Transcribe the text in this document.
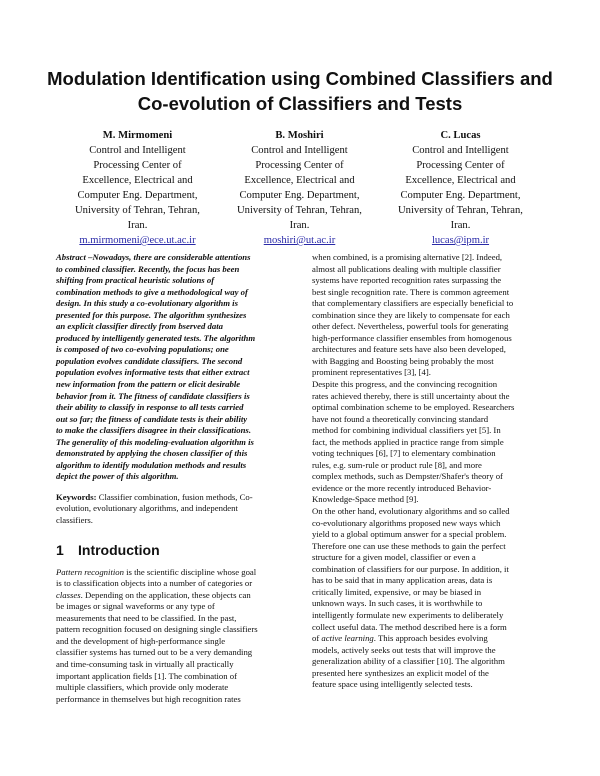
Modulation Identification using Combined Classifiers and
Co-evolution of Classifiers and Tests
M. Mirmomeni
Control and Intelligent
Processing Center of
Excellence, Electrical and
Computer Eng. Department,
University of Tehran, Tehran,
Iran.
m.mirmomeni@ece.ut.ac.ir
B. Moshiri
Control and Intelligent
Processing Center of
Excellence, Electrical and
Computer Eng. Department,
University of Tehran, Tehran,
Iran.
moshiri@ut.ac.ir
C. Lucas
Control and Intelligent
Processing Center of
Excellence, Electrical and
Computer Eng. Department,
University of Tehran, Tehran,
Iran.
lucas@ipm.ir
Abstract –Nowadays, there are considerable attentions
to combined classifier. Recently, the focus has been
shifting from practical heuristic solutions of
combination methods to give a methodological way of
design. In this study a co-evolutionary algorithm is
presented for this purpose. The algorithm synthesizes
an explicit classifier directly from bserved data
produced by intelligently generated tests. The algorithm
is composed of two co-evolving populations; one
population evolves candidate classifiers. The second
population evolves informative tests that either extract
new information from the pattern or elicit desirable
behavior from it. The fitness of candidate classifiers is
their ability to classify in response to all tests carried
out so far; the fitness of candidate tests is their ability
to make the classifiers disagree in their classifications.
The generality of this modeling-evaluation algorithm is
demonstrated by applying the chosen classifier of this
algorithm to identify modulation methods and results
depict the power of this algorithm.
Keywords: Classifier combination, fusion methods, Co-
evolution, evolutionary algorithms, and independent
classifiers.
1 Introduction
Pattern recognition is the scientific discipline whose goal
is to classification objects into a number of categories or
classes. Depending on the application, these objects can
be images or signal waveforms or any type of
measurements that need to be classified. In the past,
pattern recognition focused on designing single classifiers
and the development of high-performance single
classifier systems has turned out to be a very demanding
and time-consuming task in virtually all practically
important application fields [1]. The combination of
multiple classifiers, which provide only moderate
performance in themselves but high recognition rates
when combined, is a promising alternative [2]. Indeed,
almost all publications dealing with multiple classifier
systems have reported recognition rates surpassing the
best single recognition rate. There is common agreement
that complementary classifiers are especially beneficial to
combination since they are likely to compensate for each
other defect. Nevertheless, powerful tools for generating
high-performance classifier ensembles from homogenous
architectures and feature sets have also been developed,
with Bagging and Boosting being probably the most
prominent representatives [3], [4].
Despite this progress, and the convincing recognition
rates achieved thereby, there is still uncertainty about the
optimal combination scheme to be employed. Researchers
have not found a theoretically convincing standard
method for combining individual classifiers yet [5]. In
fact, the methods applied in practice range from simple
voting techniques [6], [7] to elementary combination
rules, e.g. sum-rule or product rule [8], and more
complex methods, such as Dempster/Shafer's theory of
evidence or the more recently introduced Behavior-
Knowledge-Space method [9].
On the other hand, evolutionary algorithms and so called
co-evolutionary algorithms proposed new ways which
yield to a global optimum answer for a special problem.
Therefore one can use these methods to gain the perfect
structure for a given model, classifier or even a
combination of classifiers for our purpose. In addition, it
has to be said that in many application areas, data is
critically limited, expensive, or may be biased in
unknown ways. In such cases, it is worthwhile to
intelligently formulate new experiments to deliberately
collect useful data. The method described here is a form
of active learning. This approach besides evolving
models, actively seeks out tests that will improve the
generalization ability of a classifier [10]. The algorithm
presented here synthesizes an explicit model of the
feature space using intelligently selected tests.
